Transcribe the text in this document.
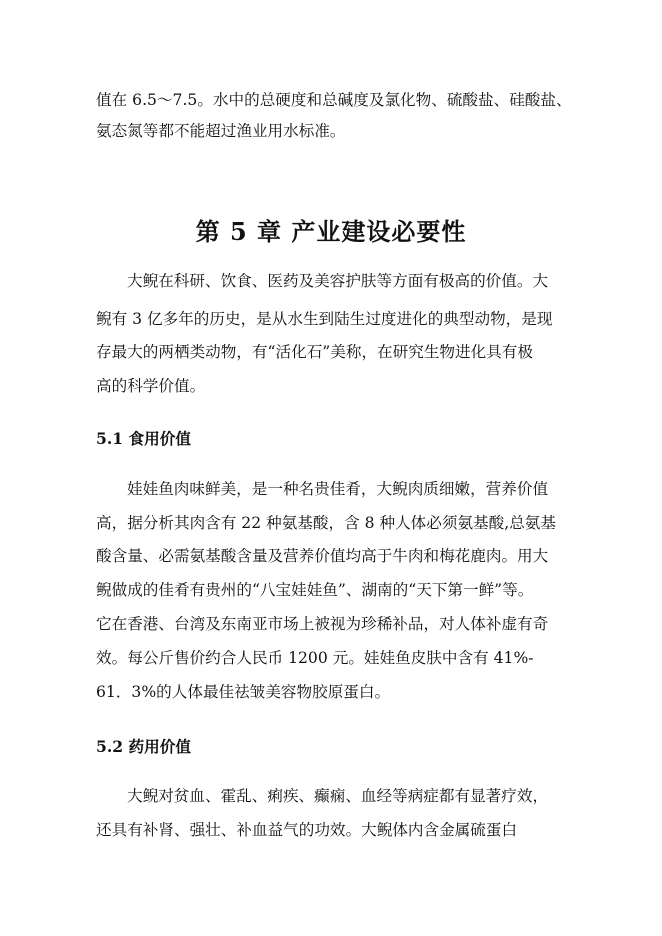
值在 6.5～7.5。水中的总硬度和总碱度及氯化物、硫酸盐、硅酸盐、
氨态氮等都不能超过渔业用水标准。
第 5 章 产业建设必要性
大鲵在科研、饮食、医药及美容护肤等方面有极高的价值。大
鲵有 3 亿多年的历史，是从水生到陆生过度进化的典型动物，是现
存最大的两栖类动物，有“活化石”美称，在研究生物进化具有极
高的科学价值。
5.1 食用价值
娃娃鱼肉味鲜美，是一种名贵佳肴，大鲵肉质细嫩，营养价值
高，据分析其肉含有 22 种氨基酸，含 8 种人体必须氨基酸,总氨基
酸含量、必需氨基酸含量及营养价值均高于牛肉和梅花鹿肉。用大
鲵做成的佳肴有贵州的“八宝娃娃鱼”、湖南的“天下第一鲜”等。
它在香港、台湾及东南亚市场上被视为珍稀补品，对人体补虚有奇
效。每公斤售价约合人民币 1200 元。娃娃鱼皮肤中含有 41%-
61．3%的人体最佳祛皱美容物胶原蛋白。
5.2 药用价值
大鲵对贫血、霍乱、痢疾、癫痫、血经等病症都有显著疗效，
还具有补肾、强壮、补血益气的功效。大鲵体内含金属硫蛋白
